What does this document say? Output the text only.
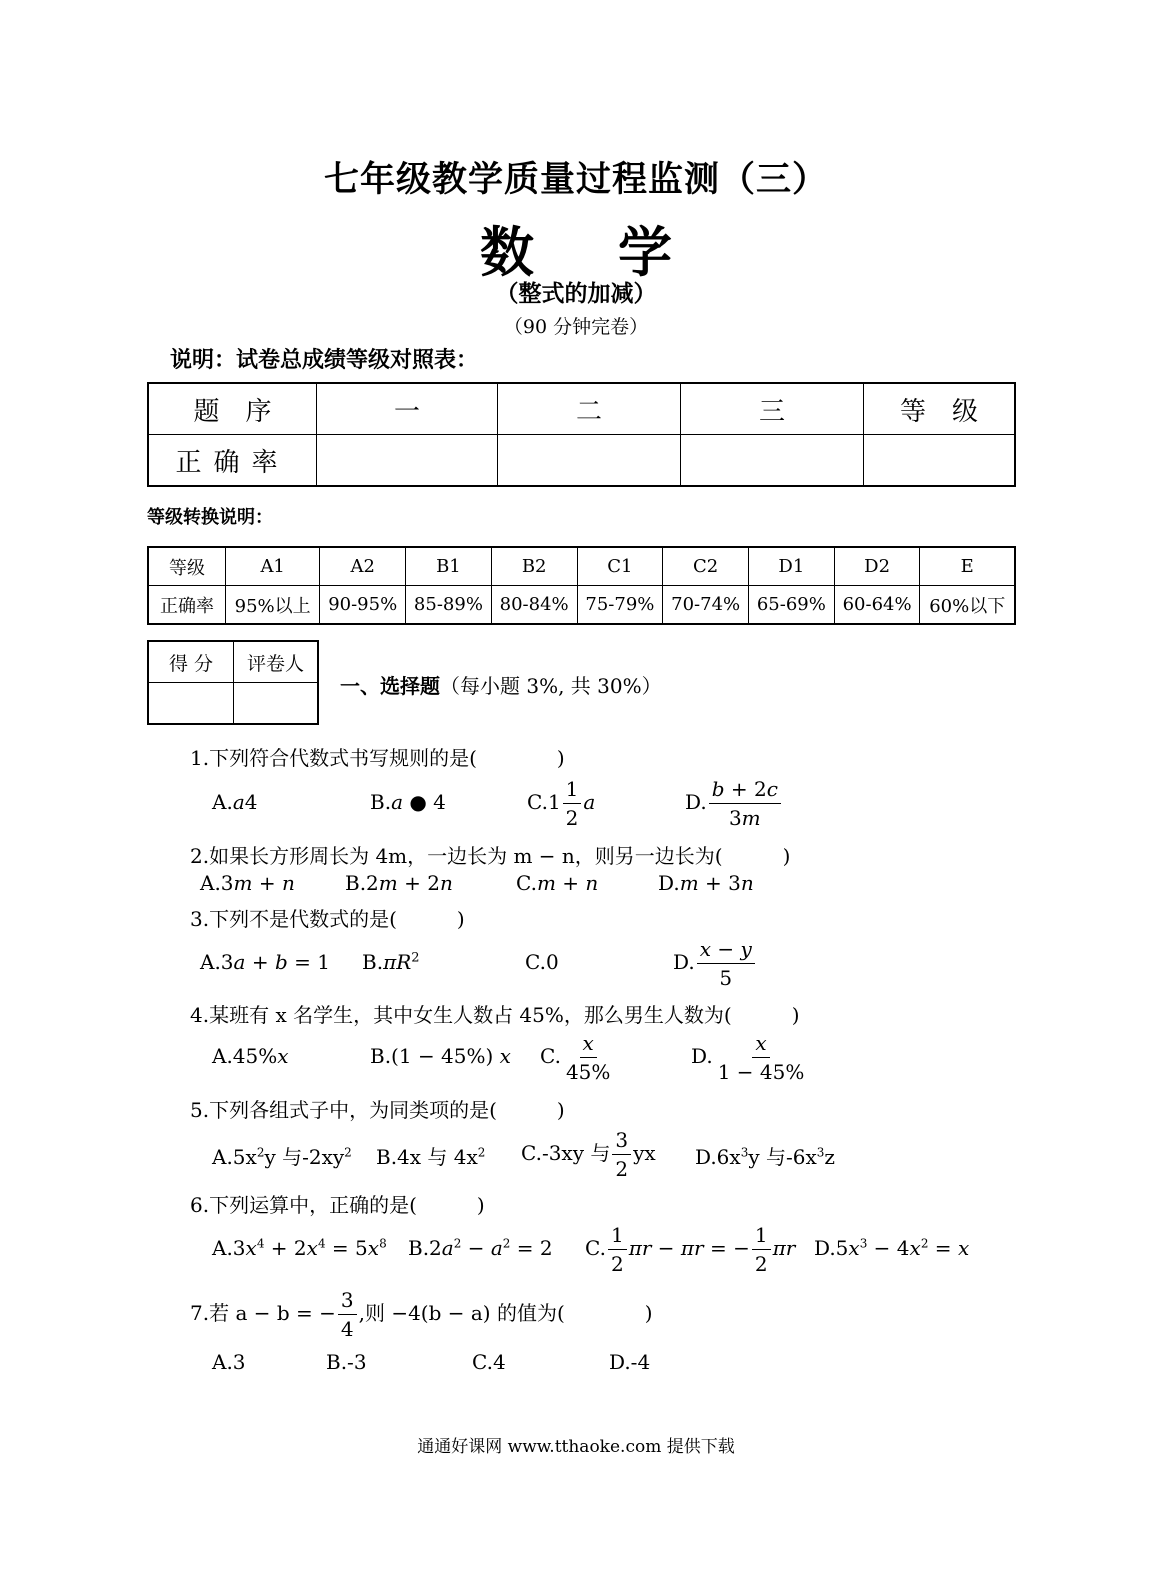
七年级教学质量过程监测（三）
数 学
（整式的加减）
（90 分钟完卷）
说明：试卷总成绩等级对照表：
题　序	一	二	三	等　级
正确率				
等级转换说明：
等级	A1	A2	B1	B2	C1	C2	D1	D2	E
正确率	95%以上	90-95%	85-89%	80-84%	75-79%	70-74%	65-69%	60-64%	60%以下
得 分	评卷人

一、选择题（每小题 3%, 共 30%）
1.下列符合代数式书写规则的是(　　　　)
A.a4	B.a ● 4	$C.1 \frac{1}{2}$ a	D. $\frac{b + 2c}{3m}$
2.如果长方形周长为 4m，一边长为 m − n，则另一边长为(　　　)
A.3m + n	B.2m + 2n	C.m + n	D.m + 3n
3.下列不是代数式的是(　　　)
A.3a + b = 1 $B.\pi R^2$	C.0	D. $\frac{x - y}{5}$
4.某班有 x 名学生，其中女生人数占 45%，那么男生人数为(　　　)
A.45%x	B.(1 − 45%) x C. $\frac{x}{45\%}$	D. $\frac{x}{1 - 45\%}$
5.下列各组式子中，为同类项的是(　　　)
$A.5x^2y$ 与$-2xy^2$ B.4x 与 $4x^2$ C.-3xy 与 $\frac{3}{2}$ yx $D.6x^3y$ 与$-6x^3z$
6.下列运算中，正确的是(　　　)
$A.3x^4 + 2x^4 = 5x^8$ $B.2a^2 - a^2 = 2$ C. $\frac{1}{2}$ πr − πr = − $\frac{1}{2}$ πr $D.5x^3 - 4x^2 = x$
7.若 a − b = − $\frac{3}{4}$ ,则 −4(b − a) 的值为(　　　　)
A.3	B.-3	C.4	D.-4
通通好课网 www.tthaoke.com 提供下载
